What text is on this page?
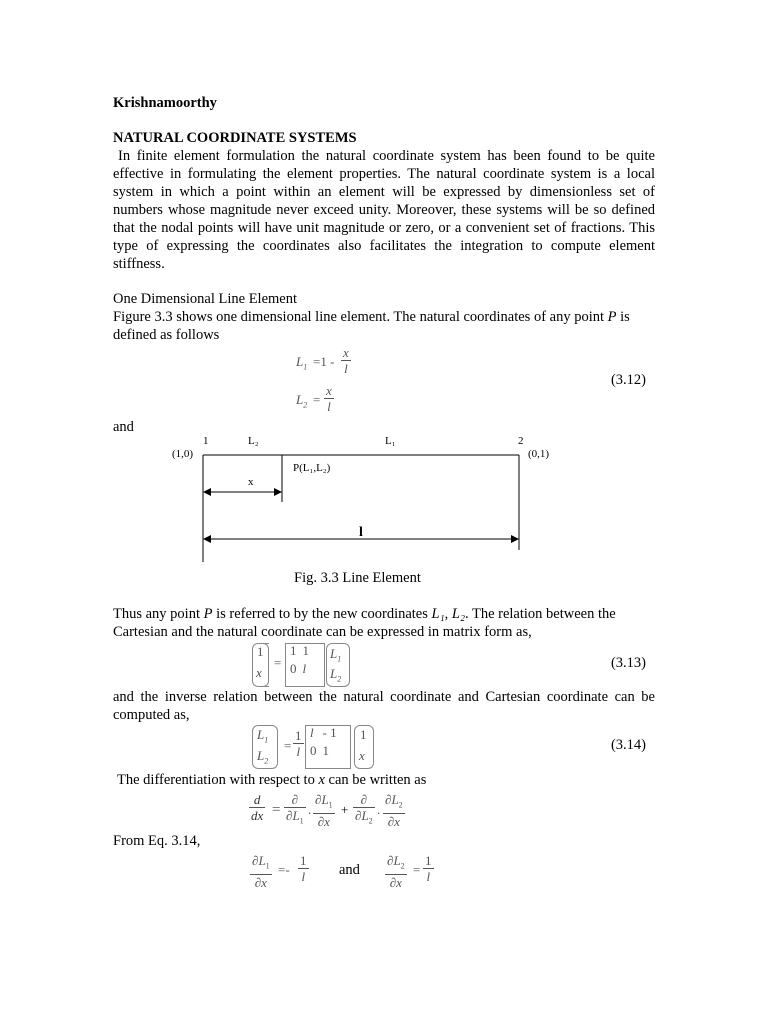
Krishnamoorthy
NATURAL COORDINATE SYSTEMS
In finite element formulation the natural coordinate system has been found to be quite effective in formulating the element properties. The natural coordinate system is a local system in which a point within an element will be expressed by dimensionless set of numbers whose magnitude never exceed unity. Moreover, these systems will be so defined that the nodal points will have unit magnitude or zero, or a convenient set of fractions. This type of expressing the coordinates also facilitates the integration to compute element stiffness.
One Dimensional Line Element
Figure 3.3 shows one dimensional line element. The natural coordinates of any point P is
defined as follows
$L_1 =1$ -
x
l
$L_2$ =
x
l
(3.12)
and
1	2
(1,0)	(0,1)
L₂	L₁
P(L₁,L₂)
x
l
Fig. 3.3 Line Element
Thus any point P is referred to by the new coordinates L₁, L₂. The relation between the
Cartesian and the natural coordinate can be expressed in matrix form as,
1
x
=
1	1
0	l
$L_1$
$L_2$
(3.13)
and the inverse relation between the natural coordinate and Cartesian coordinate can be computed as,
$L_1$
$L_2$
=
1
l
l	- 1
0	1
1
x
(3.14)
The differentiation with respect to x can be written as
d
dx =
∂
$\partial L_1$
.
$\partial L_1$
∂x
+
∂
$\partial L_2$
.
$\partial L_2$
∂x
From Eq. 3.14,
$\partial L_1$
∂x
=-
1
l and
$\partial L_2$
∂x
=
1
l
